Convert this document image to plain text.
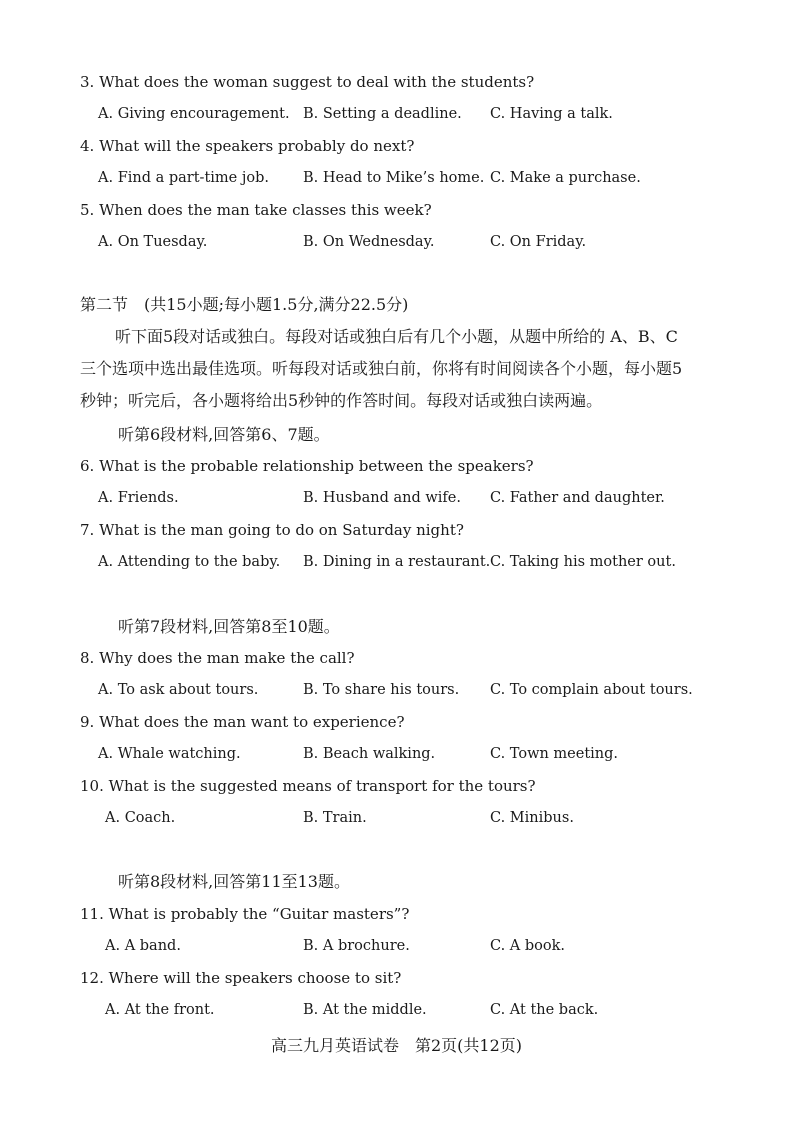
3. What does the woman suggest to deal with the students?
A. Giving encouragement. B. Setting a deadline. C. Having a talk.
4. What will the speakers probably do next?
A. Find a part-time job. B. Head to Mike’s home. C. Make a purchase.
5. When does the man take classes this week?
A. On Tuesday.	B. On Wednesday.	C. On Friday.
第二节　(共15小题;每小题1.5分,满分22.5分)
听下面5段对话或独白。每段对话或独白后有几个小题，从题中所给的 A、B、C
三个选项中选出最佳选项。听每段对话或独白前，你将有时间阅读各个小题，每小题5
秒钟；听完后，各小题将给出5秒钟的作答时间。每段对话或独白读两遍。
听第6段材料,回答第6、7题。
6. What is the probable relationship between the speakers?
A. Friends.	B. Husband and wife. C. Father and daughter.
7. What is the man going to do on Saturday night?
A. Attending to the baby. B. Dining in a restaurant. C. Taking his mother out.
听第7段材料,回答第8至10题。
8. Why does the man make the call?
A. To ask about tours.	B. To share his tours. C. To complain about tours.
9. What does the man want to experience?
A. Whale watching.	B. Beach walking.	C. Town meeting.
10. What is the suggested means of transport for the tours?
A. Coach.	B. Train.	C. Minibus.
听第8段材料,回答第11至13题。
11. What is probably the “Guitar masters”?
A. A band.	B. A brochure.	C. A book.
12. Where will the speakers choose to sit?
A. At the front.	B. At the middle.	C. At the back.
高三九月英语试卷　第2页(共12页)
